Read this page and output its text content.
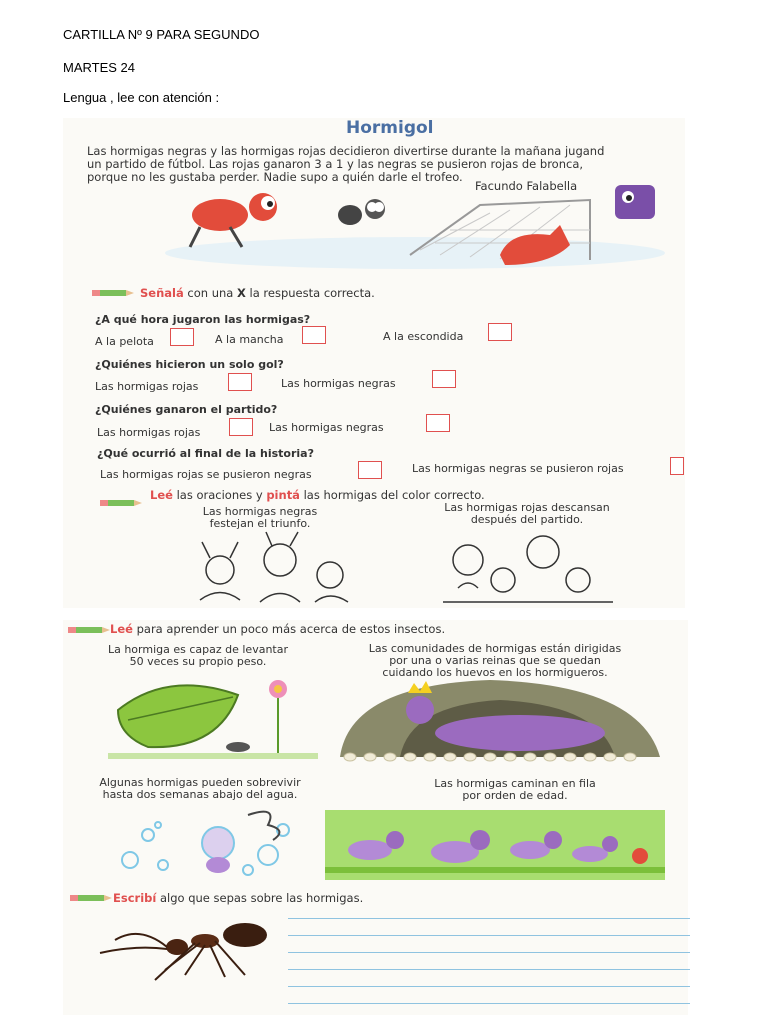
CARTILLA Nº 9 PARA SEGUNDO
MARTES 24
Lengua , lee con atención :
Hormigol
Las hormigas negras y las hormigas rojas decidieron divertirse durante la mañana jugand
un partido de fútbol. Las rojas ganaron 3 a 1 y las negras se pusieron rojas de bronca,
porque no les gustaba perder. Nadie supo a quién darle el trofeo.
Facundo Falabella
Señalá con una X la respuesta correcta.
¿A qué hora jugaron las hormigas?
A la pelota	A la mancha	A la escondida
¿Quiénes hicieron un solo gol?
Las hormigas rojas	Las hormigas negras
¿Quiénes ganaron el partido?
Las hormigas rojas	Las hormigas negras
¿Qué ocurrió al final de la historia?
Las hormigas rojas se pusieron negras	Las hormigas negras se pusieron rojas
Leé las oraciones y pintá las hormigas del color correcto.
Las hormigas negras
festejan el triunfo.
Las hormigas rojas descansan
después del partido.
Leé para aprender un poco más acerca de estos insectos.
La hormiga es capaz de levantar
50 veces su propio peso.
Las comunidades de hormigas están dirigidas
por una o varias reinas que se quedan
cuidando los huevos en los hormigueros.
Algunas hormigas pueden sobrevivir
hasta dos semanas abajo del agua.
Las hormigas caminan en fila
por orden de edad.
Escribí algo que sepas sobre las hormigas.
